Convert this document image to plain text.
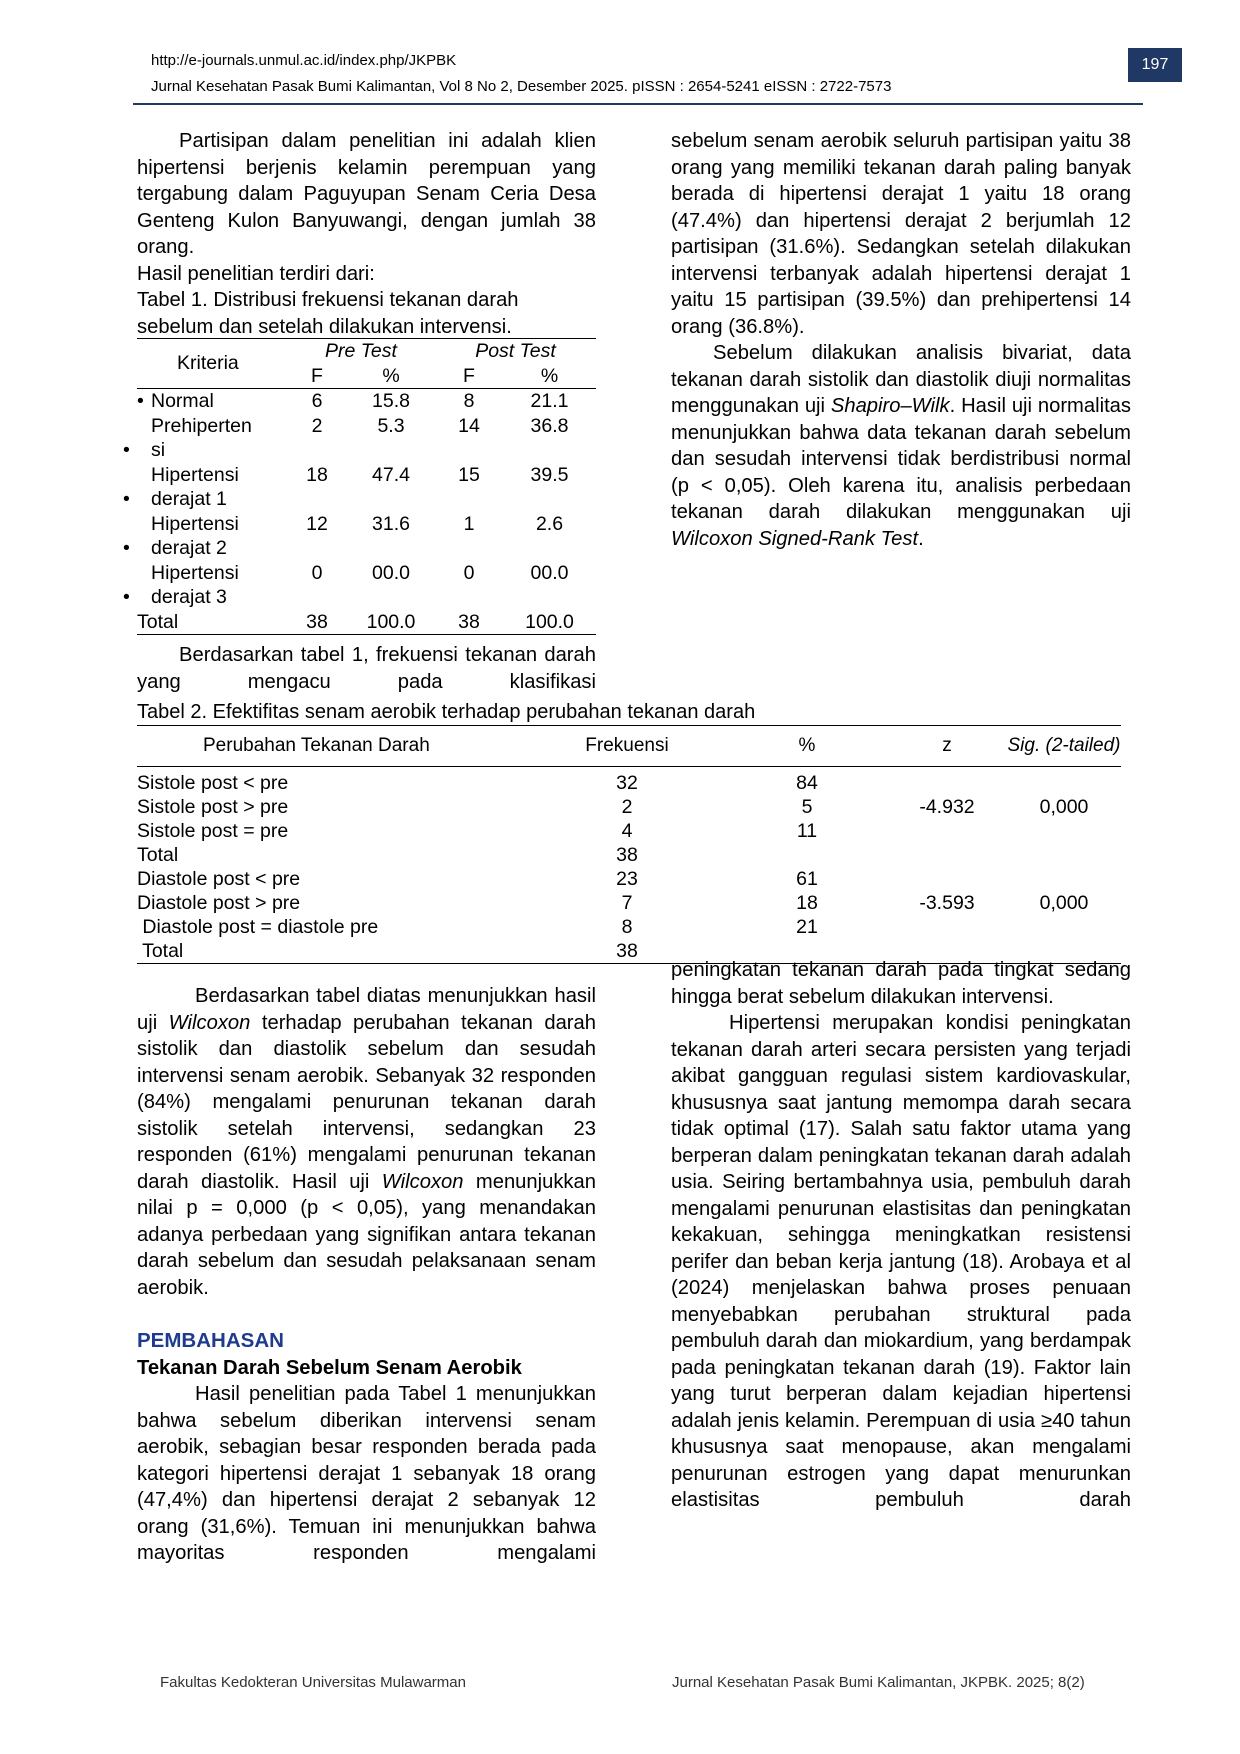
http://e-journals.unmul.ac.id/index.php/JKPBK
Jurnal Kesehatan Pasak Bumi Kalimantan, Vol 8 No 2, Desember 2025. pISSN : 2654-5241 eISSN : 2722-7573
197

Partisipan dalam penelitian ini adalah klien hipertensi berjenis kelamin perempuan yang tergabung dalam Paguyupan Senam Ceria Desa Genteng Kulon Banyuwangi, dengan jumlah 38 orang.

Hasil penelitian terdiri dari:

Tabel 1. Distribusi frekuensi tekanan darah sebelum dan setelah dilakukan intervensi.

Kriteria	Pre Test		Post Test	
	F	%	F	%
• Normal	6	15.8	8	21.1
•Prehiperten si	2	5.3	14	36.8
•Hipertensi derajat 1	18	47.4	15	39.5
•Hipertensi derajat 2	12	31.6	1	2.6
•Hipertensi derajat 3	0	00.0	0	00.0
Total	38	100.0	38	100.0

Berdasarkan tabel 1, frekuensi tekanan darah yang mengacu pada klasifikasi

sebelum senam aerobik seluruh partisipan yaitu 38 orang yang memiliki tekanan darah paling banyak berada di hipertensi derajat 1 yaitu 18 orang (47.4%) dan hipertensi derajat 2 berjumlah 12 partisipan (31.6%). Sedangkan setelah dilakukan intervensi terbanyak adalah hipertensi derajat 1 yaitu 15 partisipan (39.5%) dan prehipertensi 14 orang (36.8%).

Sebelum dilakukan analisis bivariat, data tekanan darah sistolik dan diastolik diuji normalitas menggunakan uji Shapiro–Wilk. Hasil uji normalitas menunjukkan bahwa data tekanan darah sebelum dan sesudah intervensi tidak berdistribusi normal (p < 0,05). Oleh karena itu, analisis perbedaan tekanan darah dilakukan menggunakan uji Wilcoxon Signed-Rank Test.

Tabel 2. Efektifitas senam aerobik terhadap perubahan tekanan darah
Perubahan Tekanan Darah	Frekuensi	%	z	Sig. (2-tailed)

Sistole post < pre	32	84	-4.932	0,000
Sistole post > pre	2	5		
Sistole post = pre	4	11		
Total	38			
Diastole post < pre	23	61	-3.593	0,000
Diastole post > pre	7	18		
Diastole post = diastole pre	8	21		
Total	38			

Berdasarkan tabel diatas menunjukkan hasil uji Wilcoxon terhadap perubahan tekanan darah sistolik dan diastolik sebelum dan sesudah intervensi senam aerobik. Sebanyak 32 responden (84%) mengalami penurunan tekanan darah sistolik setelah intervensi, sedangkan 23 responden (61%) mengalami penurunan tekanan darah diastolik. Hasil uji Wilcoxon menunjukkan nilai p = 0,000 (p < 0,05), yang menandakan adanya perbedaan yang signifikan antara tekanan darah sebelum dan sesudah pelaksanaan senam aerobik.

PEMBAHASAN

Tekanan Darah Sebelum Senam Aerobik

Hasil penelitian pada Tabel 1 menunjukkan bahwa sebelum diberikan intervensi senam aerobik, sebagian besar responden berada pada kategori hipertensi derajat 1 sebanyak 18 orang (47,4%) dan hipertensi derajat 2 sebanyak 12 orang (31,6%). Temuan ini menunjukkan bahwa mayoritas responden mengalami

peningkatan tekanan darah pada tingkat sedang hingga berat sebelum dilakukan intervensi.

Hipertensi merupakan kondisi peningkatan tekanan darah arteri secara persisten yang terjadi akibat gangguan regulasi sistem kardiovaskular, khususnya saat jantung memompa darah secara tidak optimal (17). Salah satu faktor utama yang berperan dalam peningkatan tekanan darah adalah usia. Seiring bertambahnya usia, pembuluh darah mengalami penurunan elastisitas dan peningkatan kekakuan, sehingga meningkatkan resistensi perifer dan beban kerja jantung (18). Arobaya et al (2024) menjelaskan bahwa proses penuaan menyebabkan perubahan struktural pada pembuluh darah dan miokardium, yang berdampak pada peningkatan tekanan darah (19). Faktor lain yang turut berperan dalam kejadian hipertensi adalah jenis kelamin. Perempuan di usia ≥40 tahun khususnya saat menopause, akan mengalami penurunan estrogen yang dapat menurunkan elastisitas pembuluh darah

Fakultas Kedokteran Universitas Mulawarman	Jurnal Kesehatan Pasak Bumi Kalimantan, JKPBK. 2025; 8(2)
